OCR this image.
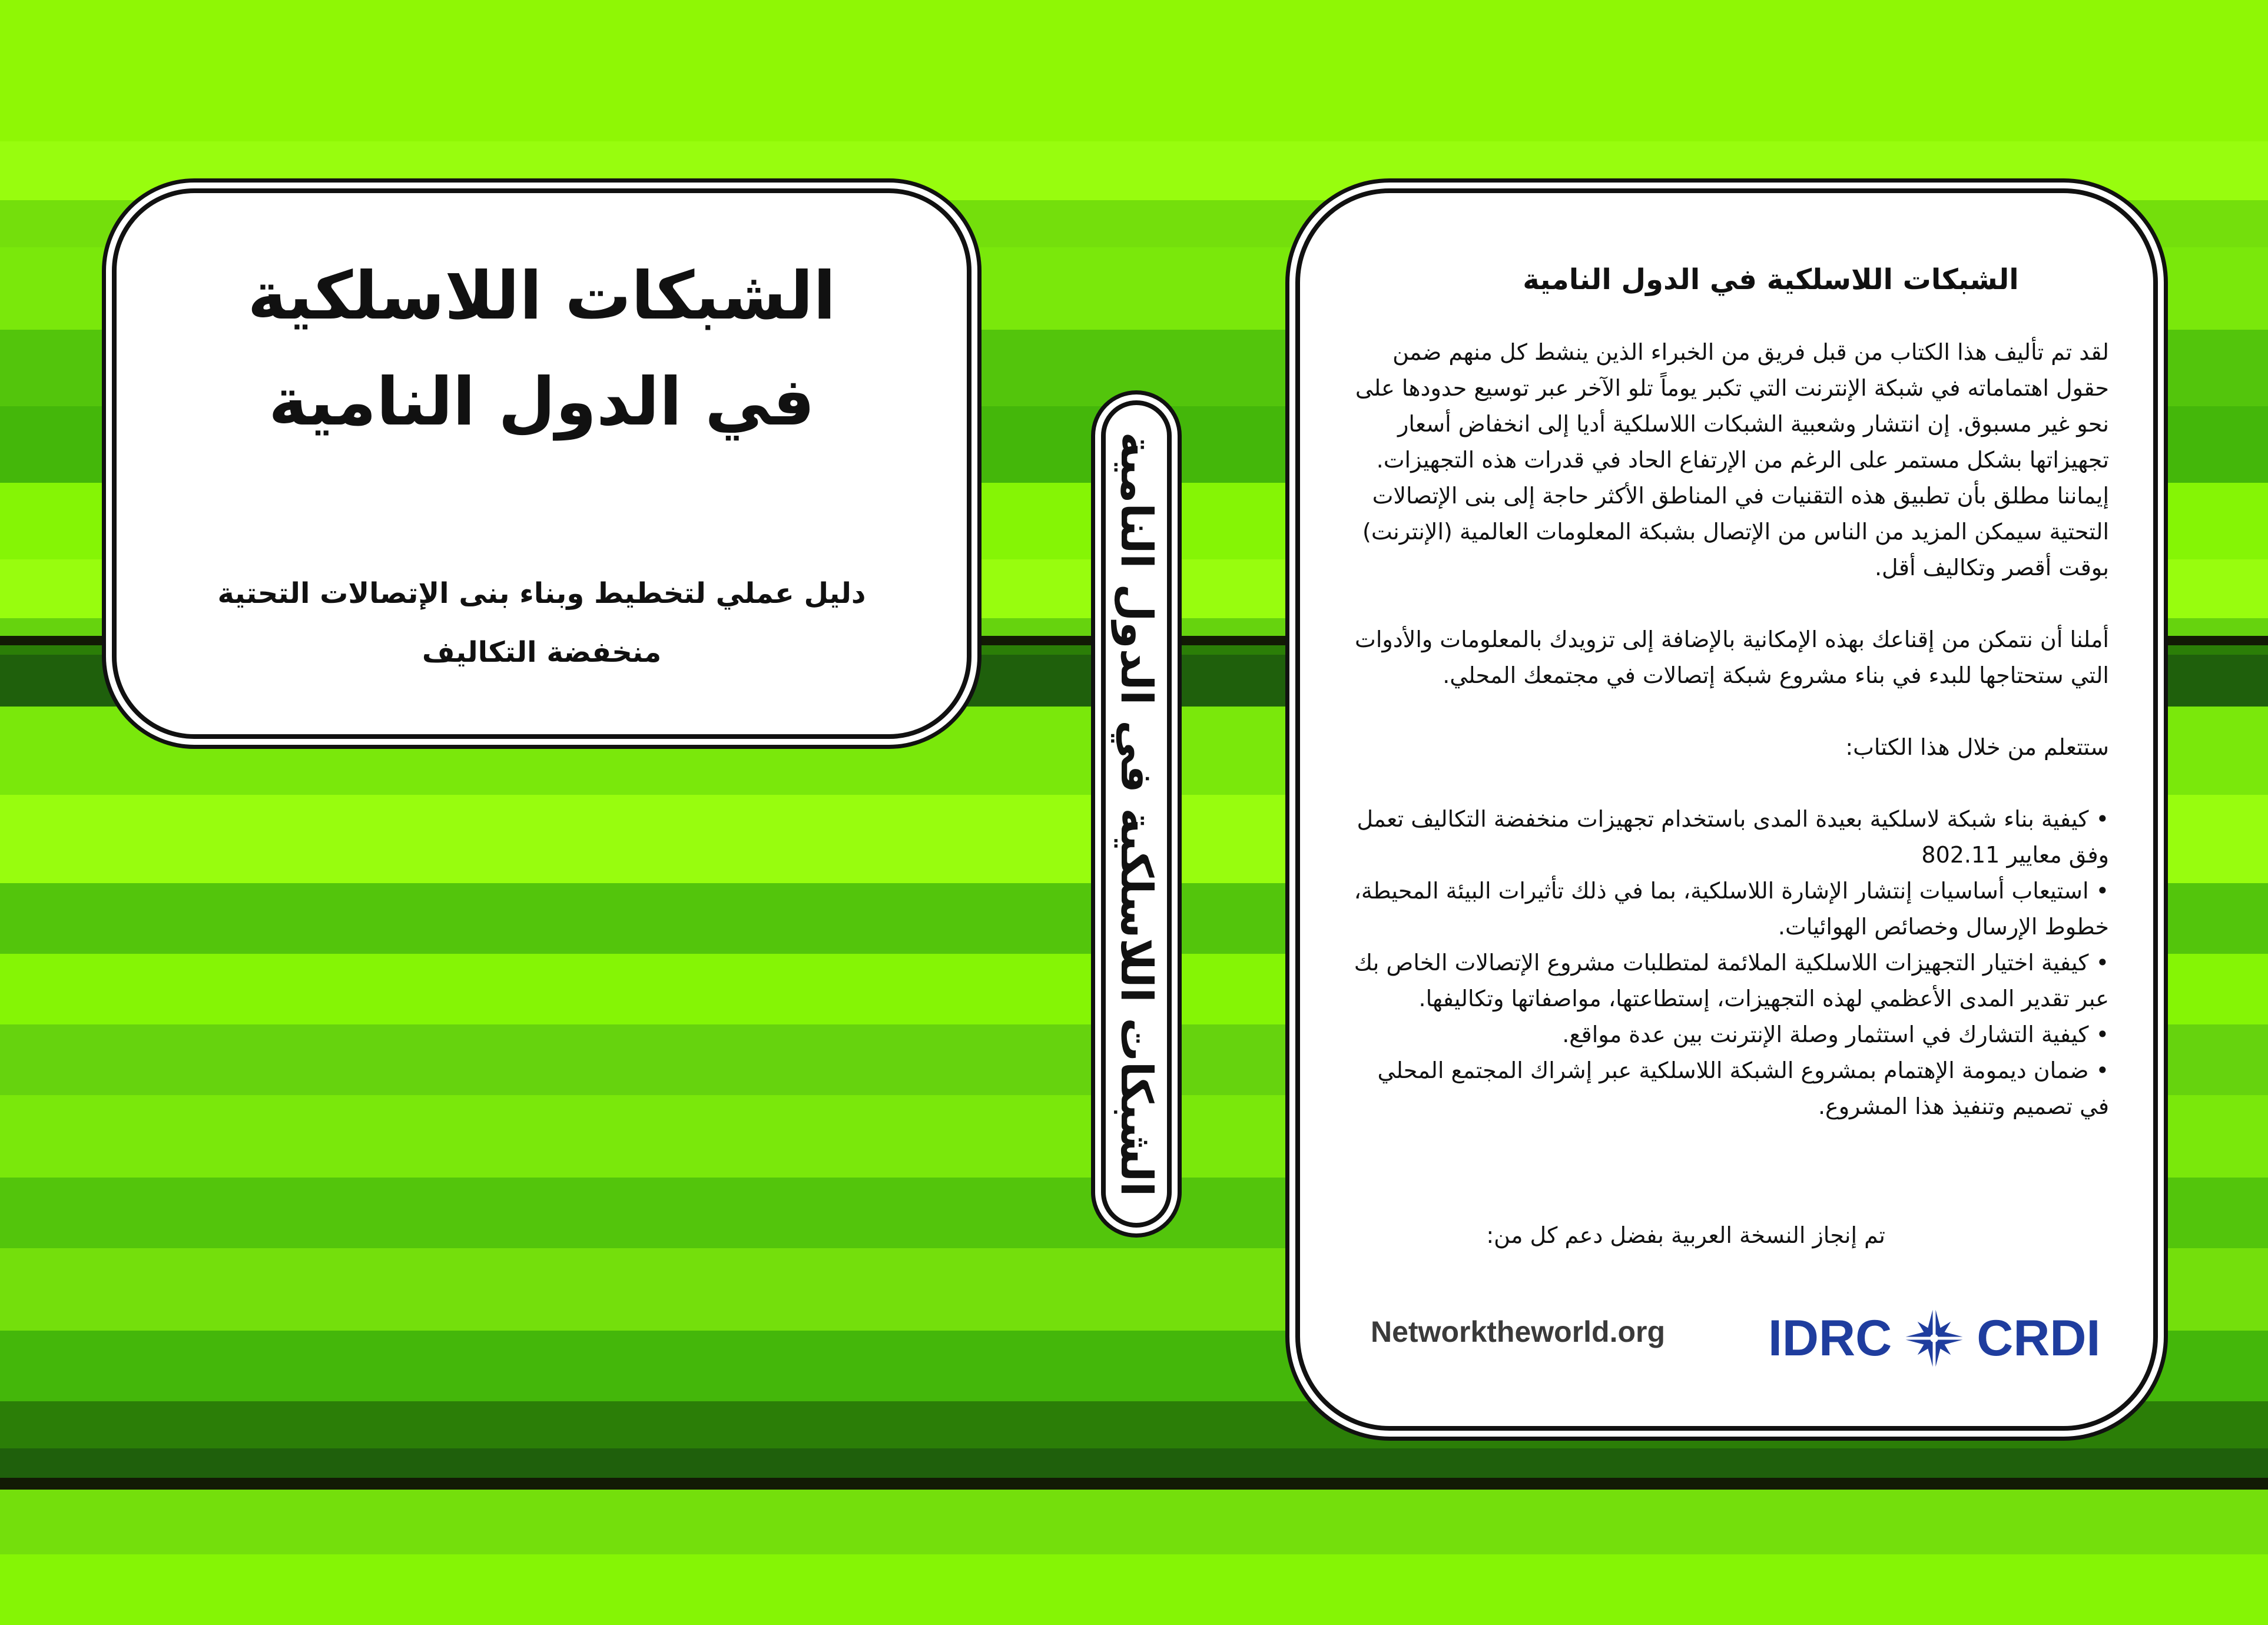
الشبكات اللاسلكية
في الدول النامية
دليل عملي لتخطيط وبناء بنى الإتصالات التحتية
منخفضة التكاليف	الشبكات اللاسلكية في الدول النامية
الشبكات اللاسلكية في الدول النامية

لقد تم تأليف هذا الكتاب من قبل فريق من الخبراء الذين ينشط كل منهم ضمن حقول اهتماماته في شبكة الإنترنت التي تكبر يوماً تلو الآخر عبر توسيع حدودها على نحو غير مسبوق. إن انتشار وشعبية الشبكات اللاسلكية أديا إلى انخفاض أسعار تجهيزاتها بشكل مستمر على الرغم من الإرتفاع الحاد في قدرات هذه التجهيزات. إيماننا مطلق بأن تطبيق هذه التقنيات في المناطق الأكثر حاجة إلى بنى الإتصالات التحتية سيمكن المزيد من الناس من الإتصال بشبكة المعلومات العالمية (الإنترنت) بوقت أقصر وتكاليف أقل.

أملنا أن نتمكن من إقناعك بهذه الإمكانية بالإضافة إلى تزويدك بالمعلومات والأدوات التي ستحتاجها للبدء في بناء مشروع شبكة إتصالات في مجتمعك المحلي.

ستتعلم من خلال هذا الكتاب:

• كيفية بناء شبكة لاسلكية بعيدة المدى باستخدام تجهيزات منخفضة التكاليف تعمل وفق معايير 802.11

• استيعاب أساسيات إنتشار الإشارة اللاسلكية، بما في ذلك تأثيرات البيئة المحيطة، خطوط الإرسال وخصائص الهوائيات.

• كيفية اختيار التجهيزات اللاسلكية الملائمة لمتطلبات مشروع الإتصالات الخاص بك عبر تقدير المدى الأعظمي لهذه التجهيزات، إستطاعتها، مواصفاتها وتكاليفها.

• كيفية التشارك في استثمار وصلة الإنترنت بين عدة مواقع.

• ضمان ديمومة الإهتمام بمشروع الشبكة اللاسلكية عبر إشراك المجتمع المحلي في تصميم وتنفيذ هذا المشروع.

تم إنجاز النسخة العربية بفضل دعم كل من:
Networktheworld.org IDRC CRDI
